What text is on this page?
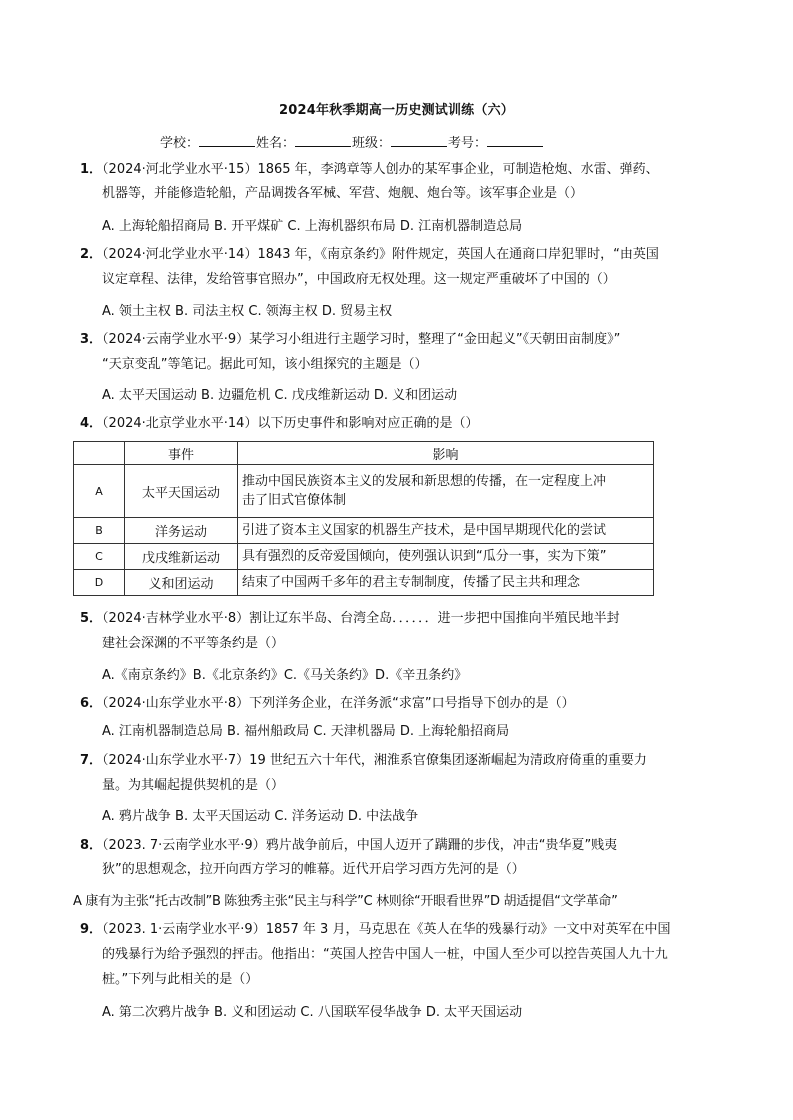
2024年秋季期高一历史测试训练（六）
学校：	姓名：	班级：	考号：
1．（2024·河北学业水平·15）1865 年，李鸿章等人创办的某军事企业，可制造枪炮、水雷、弹药、
机器等，并能修造轮船，产品调拨各军械、军营、炮舰、炮台等。该军事企业是（）
A. 上海轮船招商局 B. 开平煤矿 C. 上海机器织布局 D. 江南机器制造总局
2．（2024·河北学业水平·14）1843 年，《南京条约》附件规定，英国人在通商口岸犯罪时，“由英国
议定章程、法律，发给管事官照办”，中国政府无权处理。这一规定严重破坏了中国的（）
A. 领土主权 B. 司法主权 C. 领海主权 D. 贸易主权
3．（2024·云南学业水平·9）某学习小组进行主题学习时，整理了“金田起义”《天朝田亩制度》”
“天京变乱”等笔记。据此可知，该小组探究的主题是（）
A. 太平天国运动 B. 边疆危机 C. 戊戌维新运动 D. 义和团运动
4．（2024·北京学业水平·14）以下历史事件和影响对应正确的是（）
	事件	影响
A	太平天国运动	推动中国民族资本主义的发展和新思想的传播，在一定程度上冲
击了旧式官僚体制
B	洋务运动	引进了资本主义国家的机器生产技术，是中国早期现代化的尝试
C	戊戌维新运动	具有强烈的反帝爱国倾向，使列强认识到“瓜分一事，实为下策”
D	义和团运动	结束了中国两千多年的君主专制制度，传播了民主共和理念
5．（2024·吉林学业水平·8）割让辽东半岛、台湾全岛．．．．．．进一步把中国推向半殖民地半封
建社会深渊的不平等条约是（）
A.《南京条约》B.《北京条约》C.《马关条约》D.《辛丑条约》
6．（2024·山东学业水平·8）下列洋务企业，在洋务派“求富”口号指导下创办的是（）
A. 江南机器制造总局 B. 福州船政局 C. 天津机器局 D. 上海轮船招商局
7．（2024·山东学业水平·7）19 世纪五六十年代，湘淮系官僚集团逐渐崛起为清政府倚重的重要力
量。为其崛起提供契机的是（）
A. 鸦片战争 B. 太平天国运动 C. 洋务运动 D. 中法战争
8．（2023. 7·云南学业水平·9）鸦片战争前后，中国人迈开了蹒跚的步伐，冲击“贵华夏”贱夷
狄”的思想观念，拉开向西方学习的帷幕。近代开启学习西方先河的是（）
A 康有为主张“托古改制”B 陈独秀主张“民主与科学”C 林则徐“开眼看世界”D 胡适提倡“文学革命”
9．（2023. 1·云南学业水平·9）1857 年 3 月，马克思在《英人在华的残暴行动》一文中对英军在中国
的残暴行为给予强烈的抨击。他指出：“英国人控告中国人一桩，中国人至少可以控告英国人九十九
桩。”下列与此相关的是（）
A. 第二次鸦片战争 B. 义和团运动 C. 八国联军侵华战争 D. 太平天国运动
